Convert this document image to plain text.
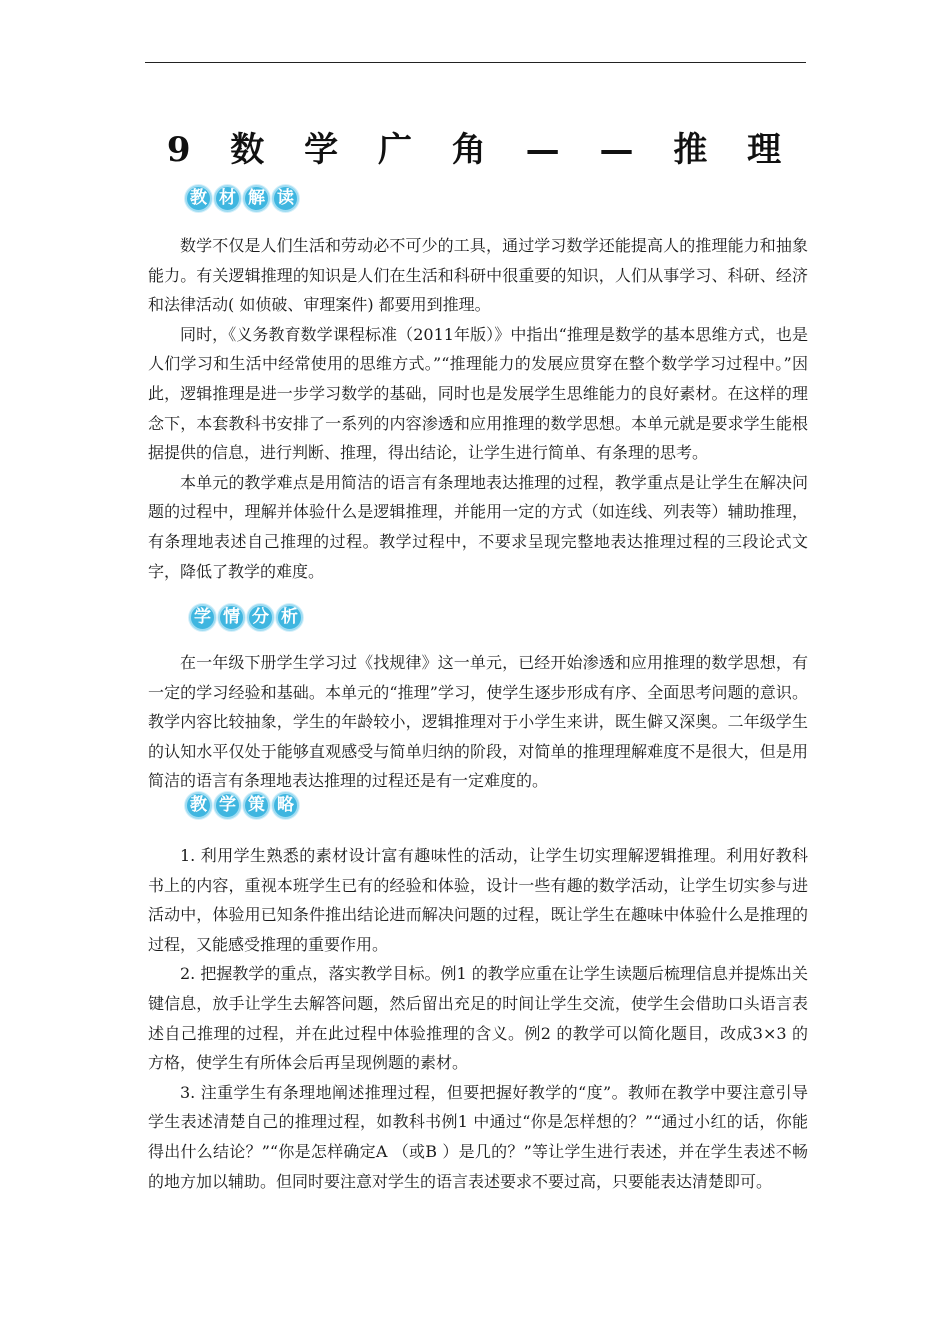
9 数 学 广 角 — — 推 理
教 材 解 读

数学不仅是人们生活和劳动必不可少的工具，通过学习数学还能提高人的推理能力和抽象能力。有关逻辑推理的知识是人们在生活和科研中很重要的知识，人们从事学习、科研、经济和法律活动( 如侦破、审理案件) 都要用到推理。

同时，《义务教育数学课程标准（2011年版）》中指出“推理是数学的基本思维方式，也是人们学习和生活中经常使用的思维方式。”“推理能力的发展应贯穿在整个数学学习过程中。”因此，逻辑推理是进一步学习数学的基础，同时也是发展学生思维能力的良好素材。在这样的理念下，本套教科书安排了一系列的内容渗透和应用推理的数学思想。本单元就是要求学生能根据提供的信息，进行判断、推理，得出结论，让学生进行简单、有条理的思考。

本单元的教学难点是用简洁的语言有条理地表达推理的过程，教学重点是让学生在解决问题的过程中，理解并体验什么是逻辑推理，并能用一定的方式（如连线、列表等）辅助推理，有条理地表述自己推理的过程。教学过程中，不要求呈现完整地表达推理过程的三段论式文字，降低了教学的难度。

学 情 分 析

在一年级下册学生学习过《找规律》这一单元，已经开始渗透和应用推理的数学思想，有一定的学习经验和基础。本单元的“推理”学习，使学生逐步形成有序、全面思考问题的意识。教学内容比较抽象，学生的年龄较小，逻辑推理对于小学生来讲，既生僻又深奥。二年级学生的认知水平仅处于能够直观感受与简单归纳的阶段，对简单的推理理解难度不是很大，但是用简洁的语言有条理地表达推理的过程还是有一定难度的。

教 学 策 略

1. 利用学生熟悉的素材设计富有趣味性的活动，让学生切实理解逻辑推理。利用好教科书上的内容，重视本班学生已有的经验和体验，设计一些有趣的数学活动，让学生切实参与进活动中，体验用已知条件推出结论进而解决问题的过程，既让学生在趣味中体验什么是推理的过程，又能感受推理的重要作用。

2. 把握教学的重点，落实教学目标。例1 的教学应重在让学生读题后梳理信息并提炼出关键信息，放手让学生去解答问题，然后留出充足的时间让学生交流，使学生会借助口头语言表述自己推理的过程，并在此过程中体验推理的含义。例2 的教学可以简化题目，改成3×3 的方格，使学生有所体会后再呈现例题的素材。

3. 注重学生有条理地阐述推理过程，但要把握好教学的“度”。教师在教学中要注意引导学生表述清楚自己的推理过程，如教科书例1 中通过“你是怎样想的？”“通过小红的话，你能得出什么结论？”“你是怎样确定A （或B ）是几的？”等让学生进行表述，并在学生表述不畅的地方加以辅助。但同时要注意对学生的语言表述要求不要过高，只要能表达清楚即可。
